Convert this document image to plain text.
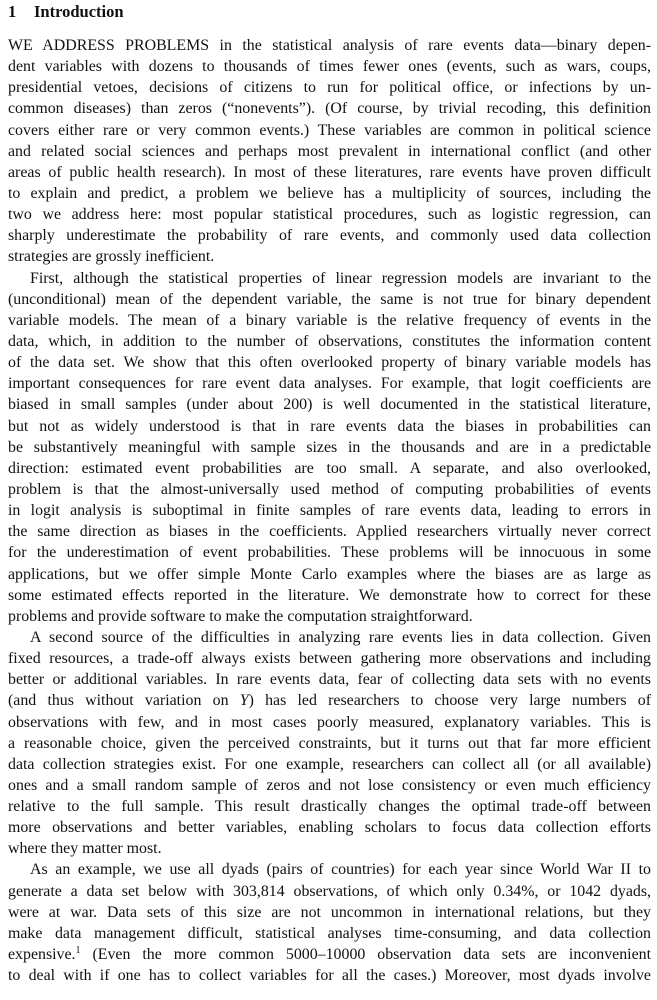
1 Introduction
WE ADDRESS PROBLEMS in the statistical analysis of rare events data—binary depen-
dent variables with dozens to thousands of times fewer ones (events, such as wars, coups,
presidential vetoes, decisions of citizens to run for political office, or infections by un-
common diseases) than zeros (“nonevents”). (Of course, by trivial recoding, this definition
covers either rare or very common events.) These variables are common in political science
and related social sciences and perhaps most prevalent in international conflict (and other
areas of public health research). In most of these literatures, rare events have proven difficult
to explain and predict, a problem we believe has a multiplicity of sources, including the
two we address here: most popular statistical procedures, such as logistic regression, can
sharply underestimate the probability of rare events, and commonly used data collection
strategies are grossly inefficient.
First, although the statistical properties of linear regression models are invariant to the
(unconditional) mean of the dependent variable, the same is not true for binary dependent
variable models. The mean of a binary variable is the relative frequency of events in the
data, which, in addition to the number of observations, constitutes the information content
of the data set. We show that this often overlooked property of binary variable models has
important consequences for rare event data analyses. For example, that logit coefficients are
biased in small samples (under about 200) is well documented in the statistical literature,
but not as widely understood is that in rare events data the biases in probabilities can
be substantively meaningful with sample sizes in the thousands and are in a predictable
direction: estimated event probabilities are too small. A separate, and also overlooked,
problem is that the almost-universally used method of computing probabilities of events
in logit analysis is suboptimal in finite samples of rare events data, leading to errors in
the same direction as biases in the coefficients. Applied researchers virtually never correct
for the underestimation of event probabilities. These problems will be innocuous in some
applications, but we offer simple Monte Carlo examples where the biases are as large as
some estimated effects reported in the literature. We demonstrate how to correct for these
problems and provide software to make the computation straightforward.
A second source of the difficulties in analyzing rare events lies in data collection. Given
fixed resources, a trade-off always exists between gathering more observations and including
better or additional variables. In rare events data, fear of collecting data sets with no events
(and thus without variation on Y) has led researchers to choose very large numbers of
observations with few, and in most cases poorly measured, explanatory variables. This is
a reasonable choice, given the perceived constraints, but it turns out that far more efficient
data collection strategies exist. For one example, researchers can collect all (or all available)
ones and a small random sample of zeros and not lose consistency or even much efficiency
relative to the full sample. This result drastically changes the optimal trade-off between
more observations and better variables, enabling scholars to focus data collection efforts
where they matter most.
As an example, we use all dyads (pairs of countries) for each year since World War II to
generate a data set below with 303,814 observations, of which only 0.34%, or 1042 dyads,
were at war. Data sets of this size are not uncommon in international relations, but they
make data management difficult, statistical analyses time-consuming, and data collection
expensive.$^1$ (Even the more common 5000–10000 observation data sets are inconvenient
to deal with if one has to collect variables for all the cases.) Moreover, most dyads involve
